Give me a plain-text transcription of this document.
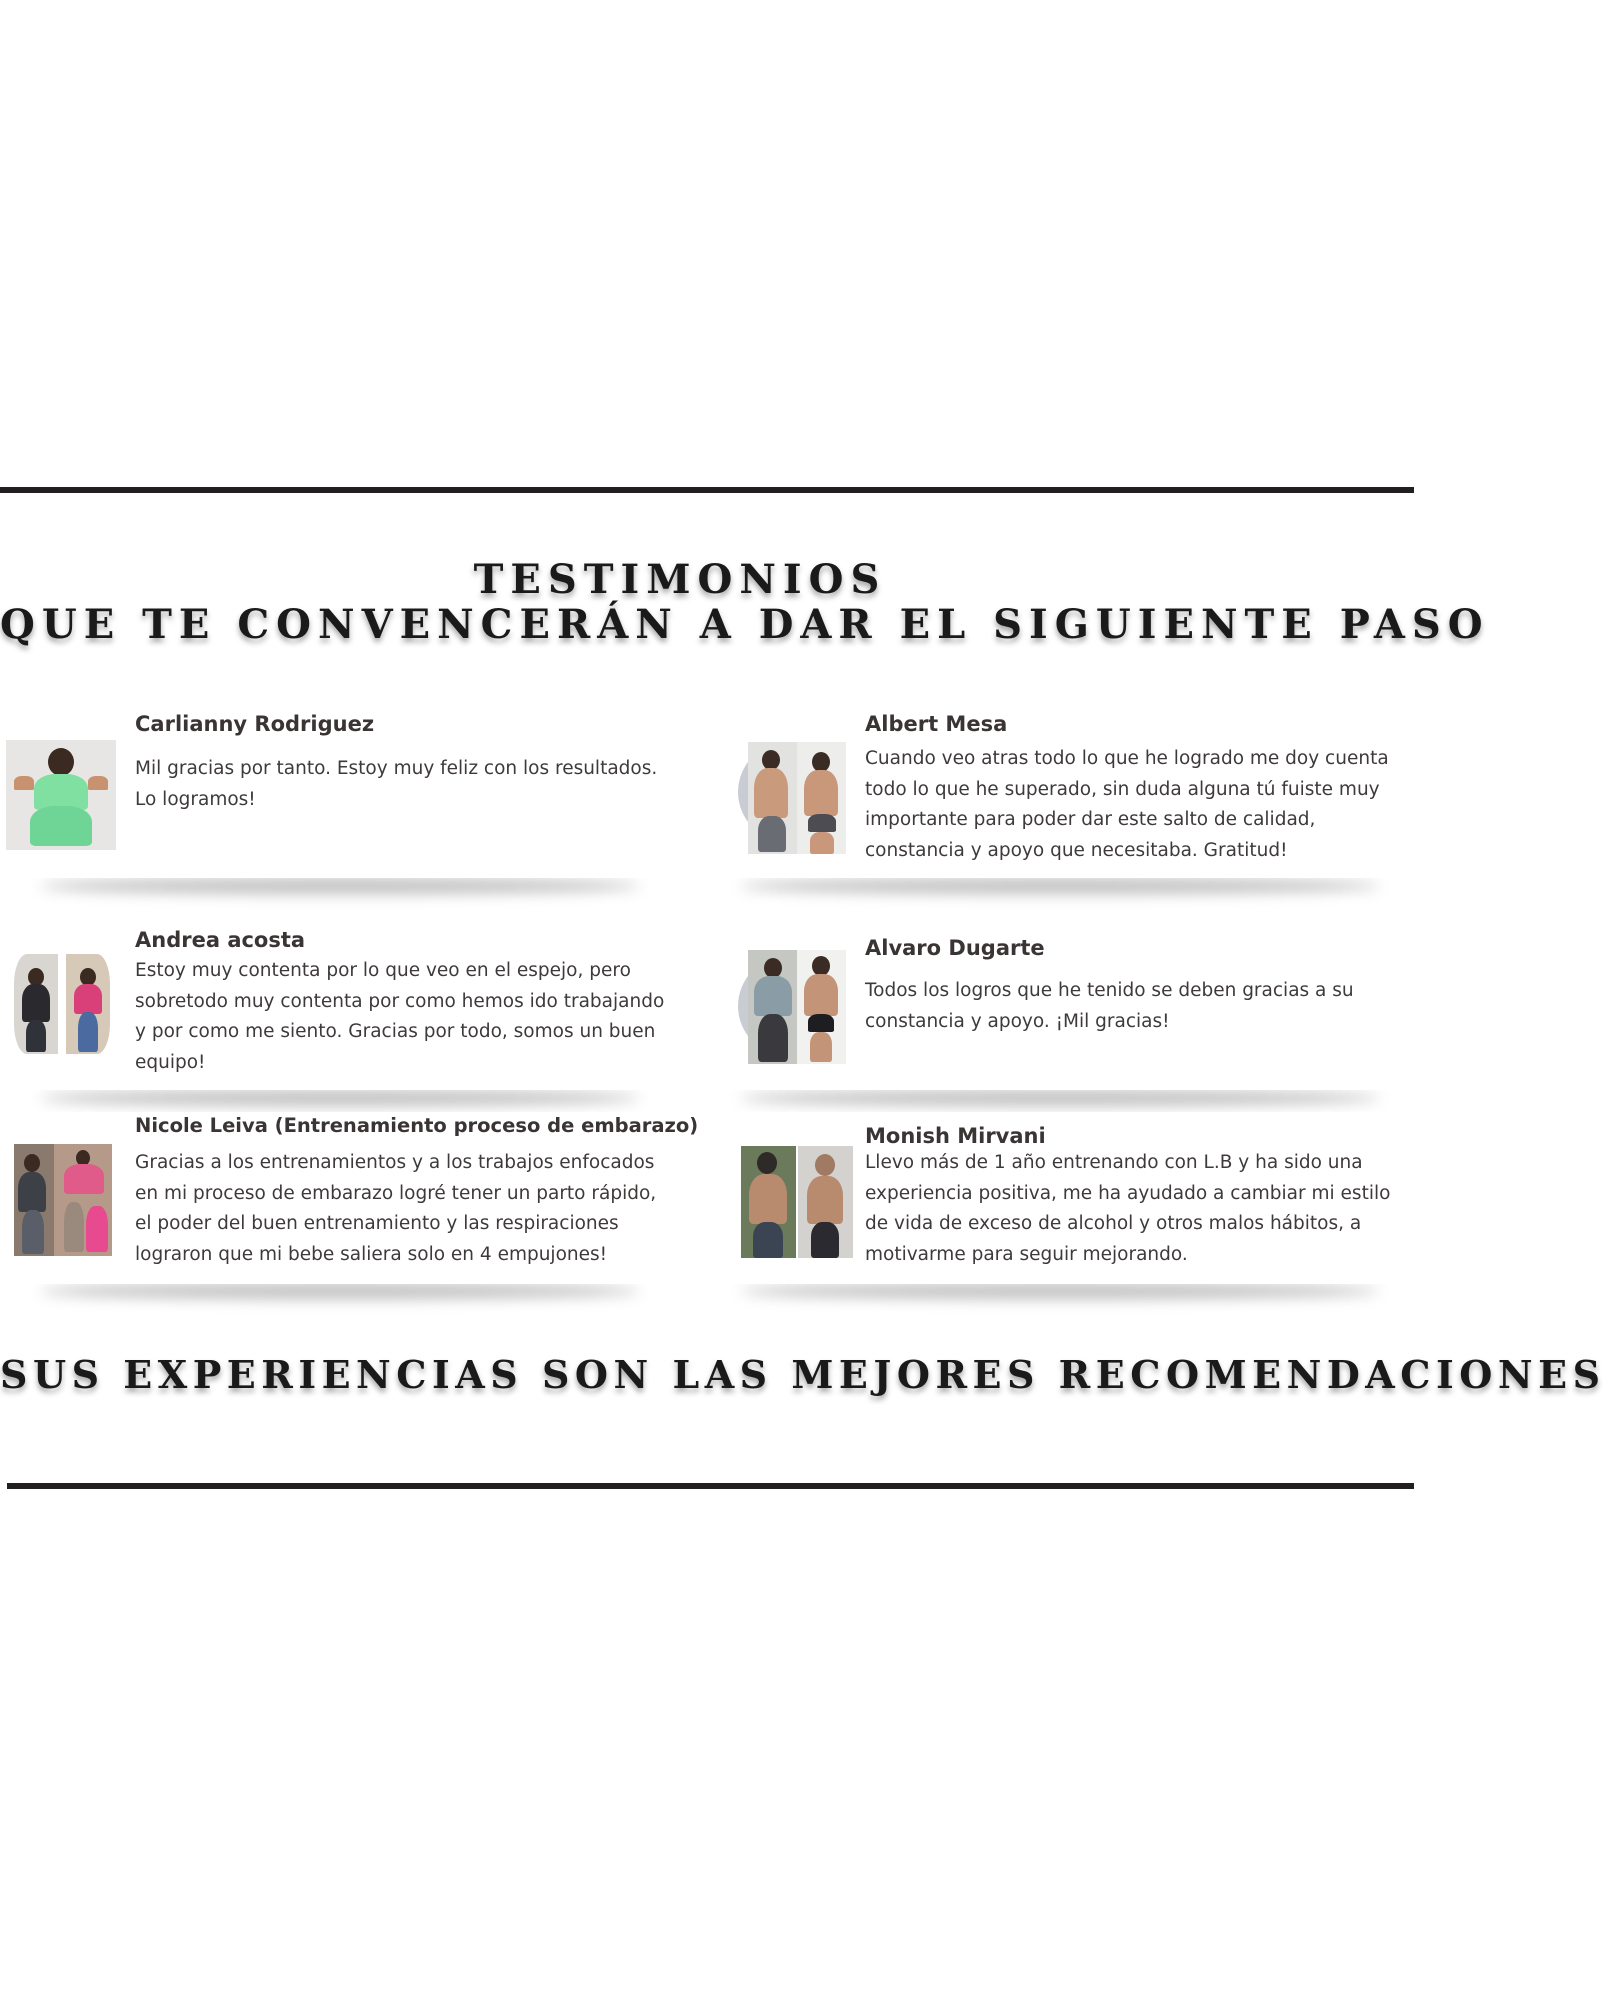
TESTIMONIOS
QUE TE CONVENCERÁN A DAR EL SIGUIENTE PASO
Carlianny Rodriguez
Mil gracias por tanto. Estoy muy feliz con los resultados. Lo logramos!
Albert Mesa
Cuando veo atras todo lo que he logrado me doy cuenta todo lo que he superado, sin duda alguna tú fuiste muy importante para poder dar este salto de calidad, constancia y apoyo que necesitaba. Gratitud!
Andrea acosta
Estoy muy contenta por lo que veo en el espejo, pero sobretodo muy contenta por como hemos ido trabajando y por como me siento. Gracias por todo, somos un buen equipo!
Alvaro Dugarte
Todos los logros que he tenido se deben gracias a su constancia y apoyo. ¡Mil gracias!
Nicole Leiva (Entrenamiento proceso de embarazo)
Gracias a los entrenamientos y a los trabajos enfocados en mi proceso de embarazo logré tener un parto rápido, el poder del buen entrenamiento y las respiraciones lograron que mi bebe saliera solo en 4 empujones!
Monish Mirvani
Llevo más de 1 año entrenando con L.B y ha sido una experiencia positiva, me ha ayudado a cambiar mi estilo de vida de exceso de alcohol y otros malos hábitos, a motivarme para seguir mejorando.
SUS EXPERIENCIAS SON LAS MEJORES RECOMENDACIONES
